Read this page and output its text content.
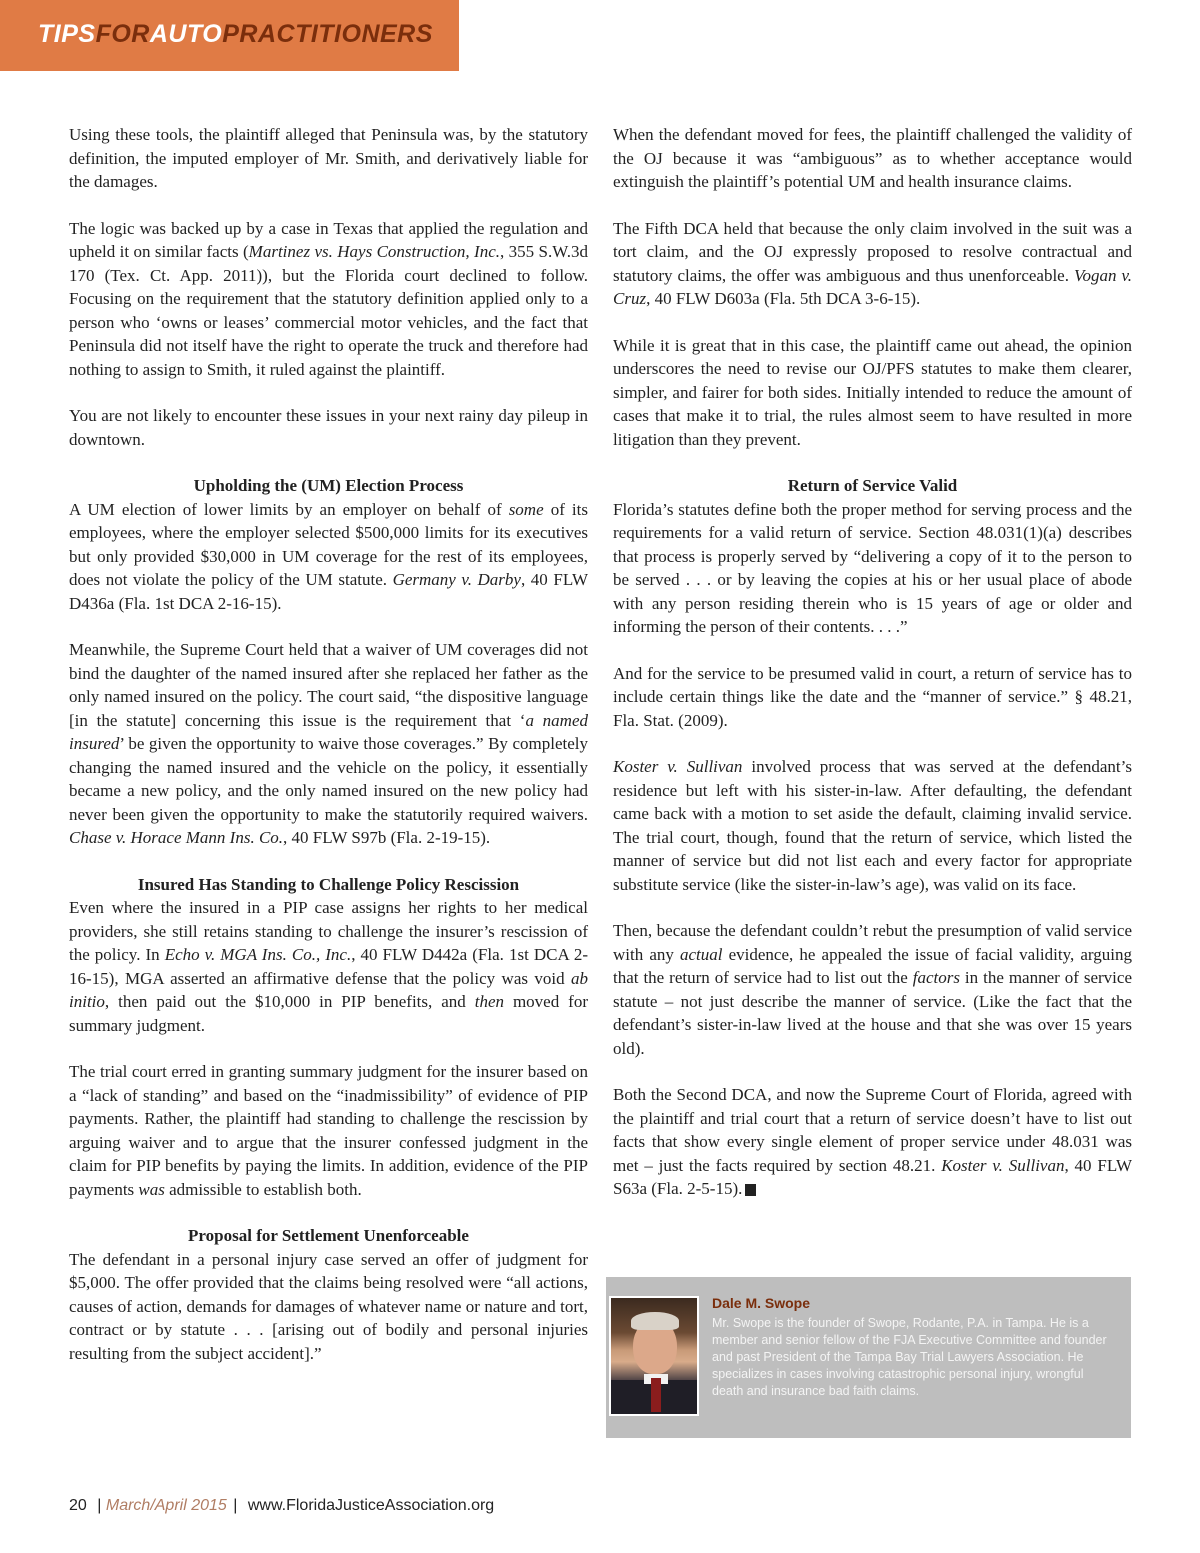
TIPSFORAUTOPRACTITIONERS

Using these tools, the plaintiff alleged that Peninsula was, by the statutory definition, the imputed employer of Mr. Smith, and derivatively liable for the damages.

The logic was backed up by a case in Texas that applied the regulation and upheld it on similar facts (Martinez vs. Hays Construction, Inc., 355 S.W.3d 170 (Tex. Ct. App. 2011)), but the Florida court declined to follow. Focusing on the requirement that the statutory definition applied only to a person who ‘owns or leases’ commercial motor vehicles, and the fact that Peninsula did not itself have the right to operate the truck and therefore had nothing to assign to Smith, it ruled against the plaintiff.

You are not likely to encounter these issues in your next rainy day pileup in downtown.

Upholding the (UM) Election Process

A UM election of lower limits by an employer on behalf of some of its employees, where the employer selected $500,000 limits for its executives but only provided $30,000 in UM coverage for the rest of its employees, does not violate the policy of the UM statute. Germany v. Darby, 40 FLW D436a (Fla. 1st DCA 2-16-15).

Meanwhile, the Supreme Court held that a waiver of UM coverages did not bind the daughter of the named insured after she replaced her father as the only named insured on the policy. The court said, “the dispositive language [in the statute] concerning this issue is the requirement that ‘a named insured’ be given the opportunity to waive those coverages.” By completely changing the named insured and the vehicle on the policy, it essentially became a new policy, and the only named insured on the new policy had never been given the opportunity to make the statutorily required waivers. Chase v. Horace Mann Ins. Co., 40 FLW S97b (Fla. 2-19-15).

Insured Has Standing to Challenge Policy Rescission

Even where the insured in a PIP case assigns her rights to her medical providers, she still retains standing to challenge the insurer’s rescission of the policy. In Echo v. MGA Ins. Co., Inc., 40 FLW D442a (Fla. 1st DCA 2-16-15), MGA asserted an affirmative defense that the policy was void ab initio, then paid out the $10,000 in PIP benefits, and then moved for summary judgment.

The trial court erred in granting summary judgment for the insurer based on a “lack of standing” and based on the “inadmissibility” of evidence of PIP payments. Rather, the plaintiff had standing to challenge the rescission by arguing waiver and to argue that the insurer confessed judgment in the claim for PIP benefits by paying the limits. In addition, evidence of the PIP payments was admissible to establish both.

Proposal for Settlement Unenforceable

The defendant in a personal injury case served an offer of judgment for $5,000. The offer provided that the claims being resolved were “all actions, causes of action, demands for damages of whatever name or nature and tort, contract or by statute . . . [arising out of bodily and personal injuries resulting from the subject accident].”

When the defendant moved for fees, the plaintiff challenged the validity of the OJ because it was “ambiguous” as to whether acceptance would extinguish the plaintiff’s potential UM and health insurance claims.

The Fifth DCA held that because the only claim involved in the suit was a tort claim, and the OJ expressly proposed to resolve contractual and statutory claims, the offer was ambiguous and thus unenforceable. Vogan v. Cruz, 40 FLW D603a (Fla. 5th DCA 3-6-15).

While it is great that in this case, the plaintiff came out ahead, the opinion underscores the need to revise our OJ/PFS statutes to make them clearer, simpler, and fairer for both sides. Initially intended to reduce the amount of cases that make it to trial, the rules almost seem to have resulted in more litigation than they prevent.

Return of Service Valid

Florida’s statutes define both the proper method for serving process and the requirements for a valid return of service. Section 48.031(1)(a) describes that process is properly served by “delivering a copy of it to the person to be served . . . or by leaving the copies at his or her usual place of abode with any person residing therein who is 15 years of age or older and informing the person of their contents. . . .”

And for the service to be presumed valid in court, a return of service has to include certain things like the date and the “manner of service.” § 48.21, Fla. Stat. (2009).

Koster v. Sullivan involved process that was served at the defendant’s residence but left with his sister-in-law. After defaulting, the defendant came back with a motion to set aside the default, claiming invalid service. The trial court, though, found that the return of service, which listed the manner of service but did not list each and every factor for appropriate substitute service (like the sister-in-law’s age), was valid on its face.

Then, because the defendant couldn’t rebut the presumption of valid service with any actual evidence, he appealed the issue of facial validity, arguing that the return of service had to list out the factors in the manner of service statute – not just describe the manner of service. (Like the fact that the defendant’s sister-in-law lived at the house and that she was over 15 years old).

Both the Second DCA, and now the Supreme Court of Florida, agreed with the plaintiff and trial court that a return of service doesn’t have to list out facts that show every single element of proper service under 48.031 was met – just the facts required by section 48.21. Koster v. Sullivan, 40 FLW S63a (Fla. 2-5-15).

Dale M. Swope
Mr. Swope is the founder of Swope, Rodante, P.A. in Tampa. He is a member and senior fellow of the FJA Executive Committee and founder and past President of the Tampa Bay Trial Lawyers Association. He specializes in cases involving catastrophic personal injury, wrongful death and insurance bad faith claims.
20 | March/April 2015 | www.FloridaJusticeAssociation.org
